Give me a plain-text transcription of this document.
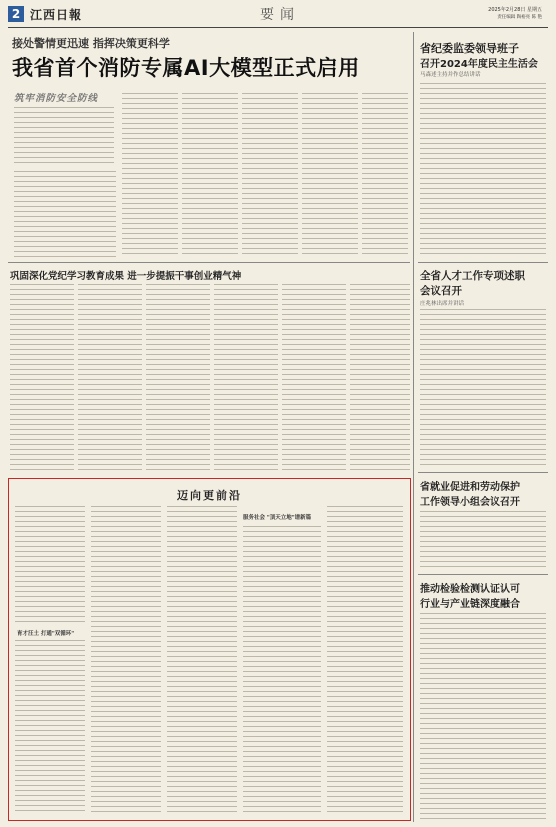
2 江西日報	要闻	2025年2月28日 星期五
责任编辑 陶裕亮 陈 艳
接处警情更迅速 指挥决策更科学
我省首个消防专属AI大模型正式启用
筑牢消防安全防线
省纪委监委领导班子
召开2024年度民主生活会
马森述主持并作总结讲话
巩固深化党纪学习教育成果 进一步提振干事创业精气神	全省人才工作专项述职
会议召开
庄兆林出席并讲话
迈向更前沿
育才汪土 打通"双循环"
服务社会 "顶天立地"谱新篇
省就业促进和劳动保护
工作领导小组会议召开
推动检验检测认证认可
行业与产业链深度融合
